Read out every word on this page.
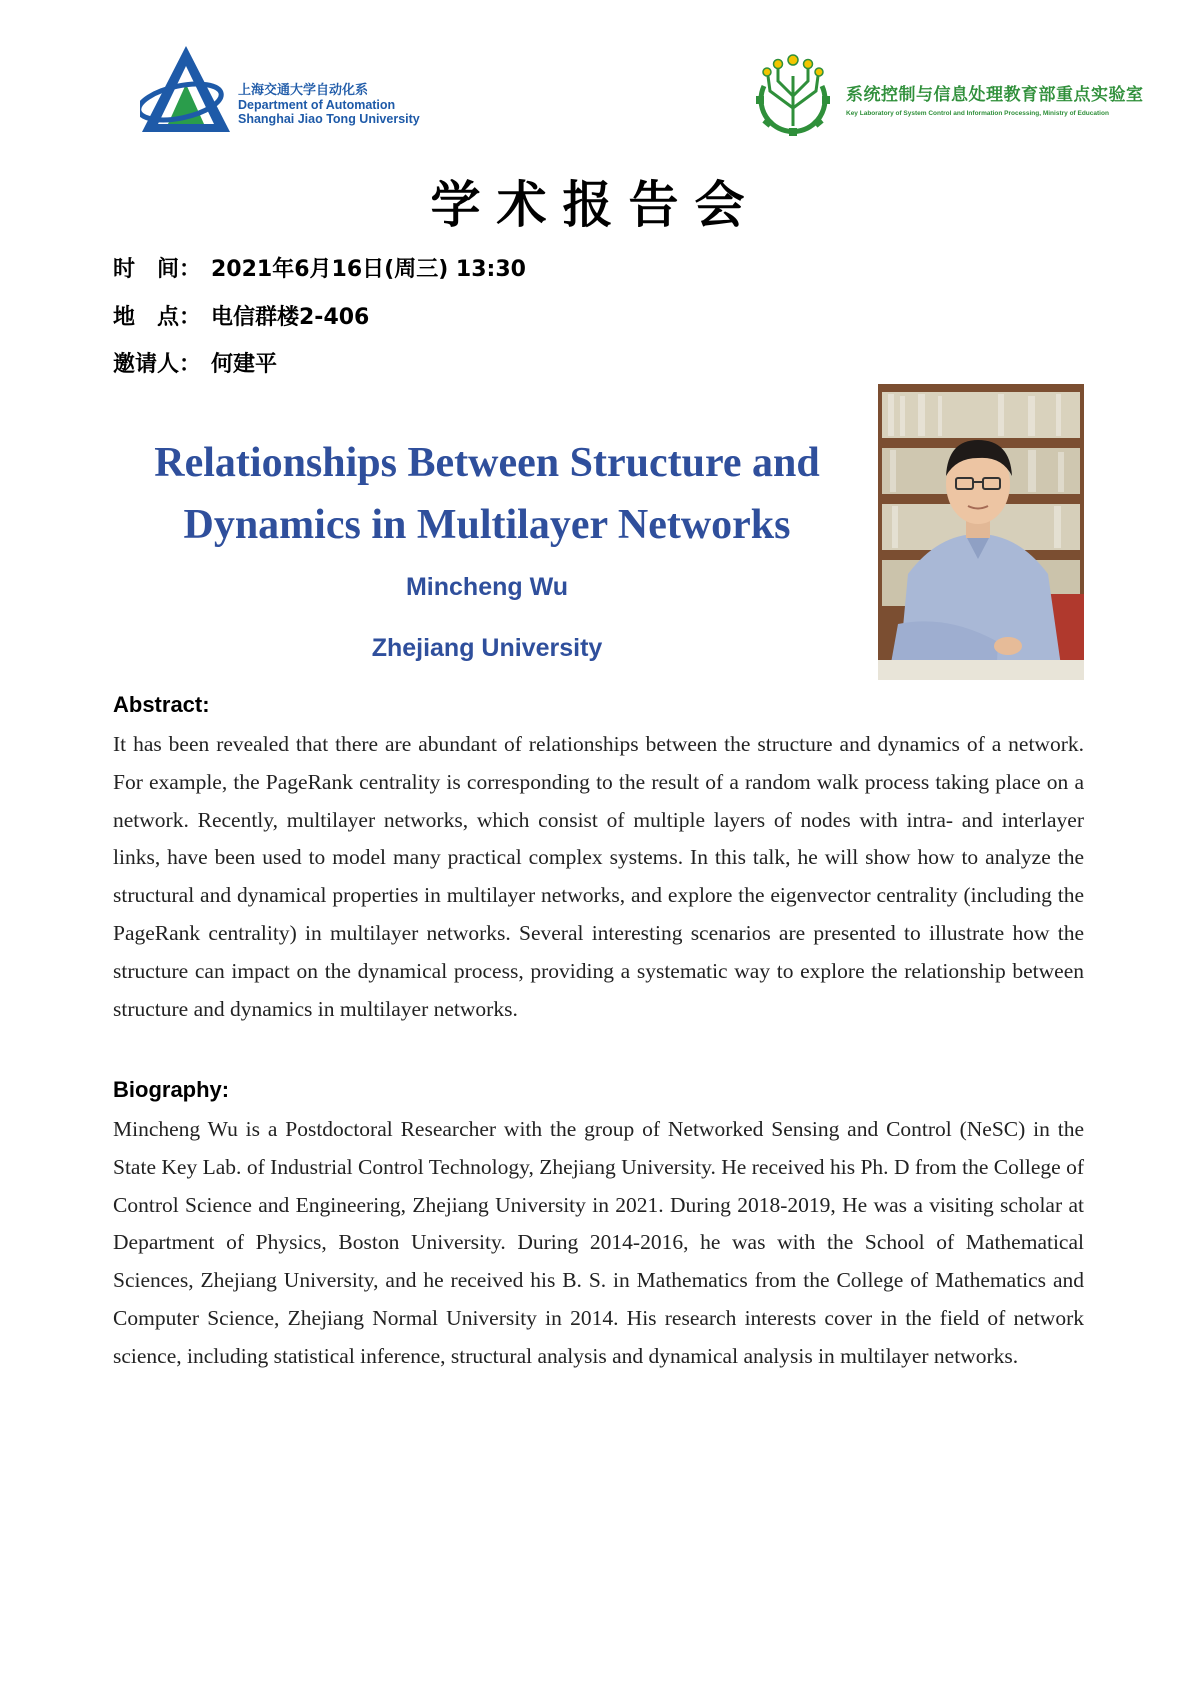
上海交通大学自动化系
Department of Automation
Shanghai Jiao Tong University
系统控制与信息处理教育部重点实验室
Key Laboratory of System Control and Information Processing, Ministry of Education
学术报告会
时　间： 2021年6月16日(周三) 13:30
地　点： 电信群楼2-406
邀请人： 何建平
Relationships Between Structure and
Dynamics in Multilayer Networks
Mincheng Wu
Zhejiang University
Abstract:
It has been revealed that there are abundant of relationships between the structure and dynamics of a network. For example, the PageRank centrality is corresponding to the result of a random walk process taking place on a network. Recently, multilayer networks, which consist of multiple layers of nodes with intra- and interlayer links, have been used to model many practical complex systems. In this talk, he will show how to analyze the structural and dynamical properties in multilayer networks, and explore the eigenvector centrality (including the PageRank centrality) in multilayer networks. Several interesting scenarios are presented to illustrate how the structure can impact on the dynamical process, providing a systematic way to explore the relationship between structure and dynamics in multilayer networks.
Biography:
Mincheng Wu is a Postdoctoral Researcher with the group of Networked Sensing and Control (NeSC) in the State Key Lab. of Industrial Control Technology, Zhejiang University. He received his Ph. D from the College of Control Science and Engineering, Zhejiang University in 2021. During 2018-2019, He was a visiting scholar at Department of Physics, Boston University. During 2014-2016, he was with the School of Mathematical Sciences, Zhejiang University, and he received his B. S. in Mathematics from the College of Mathematics and Computer Science, Zhejiang Normal University in 2014. His research interests cover in the field of network science, including statistical inference, structural analysis and dynamical analysis in multilayer networks.
